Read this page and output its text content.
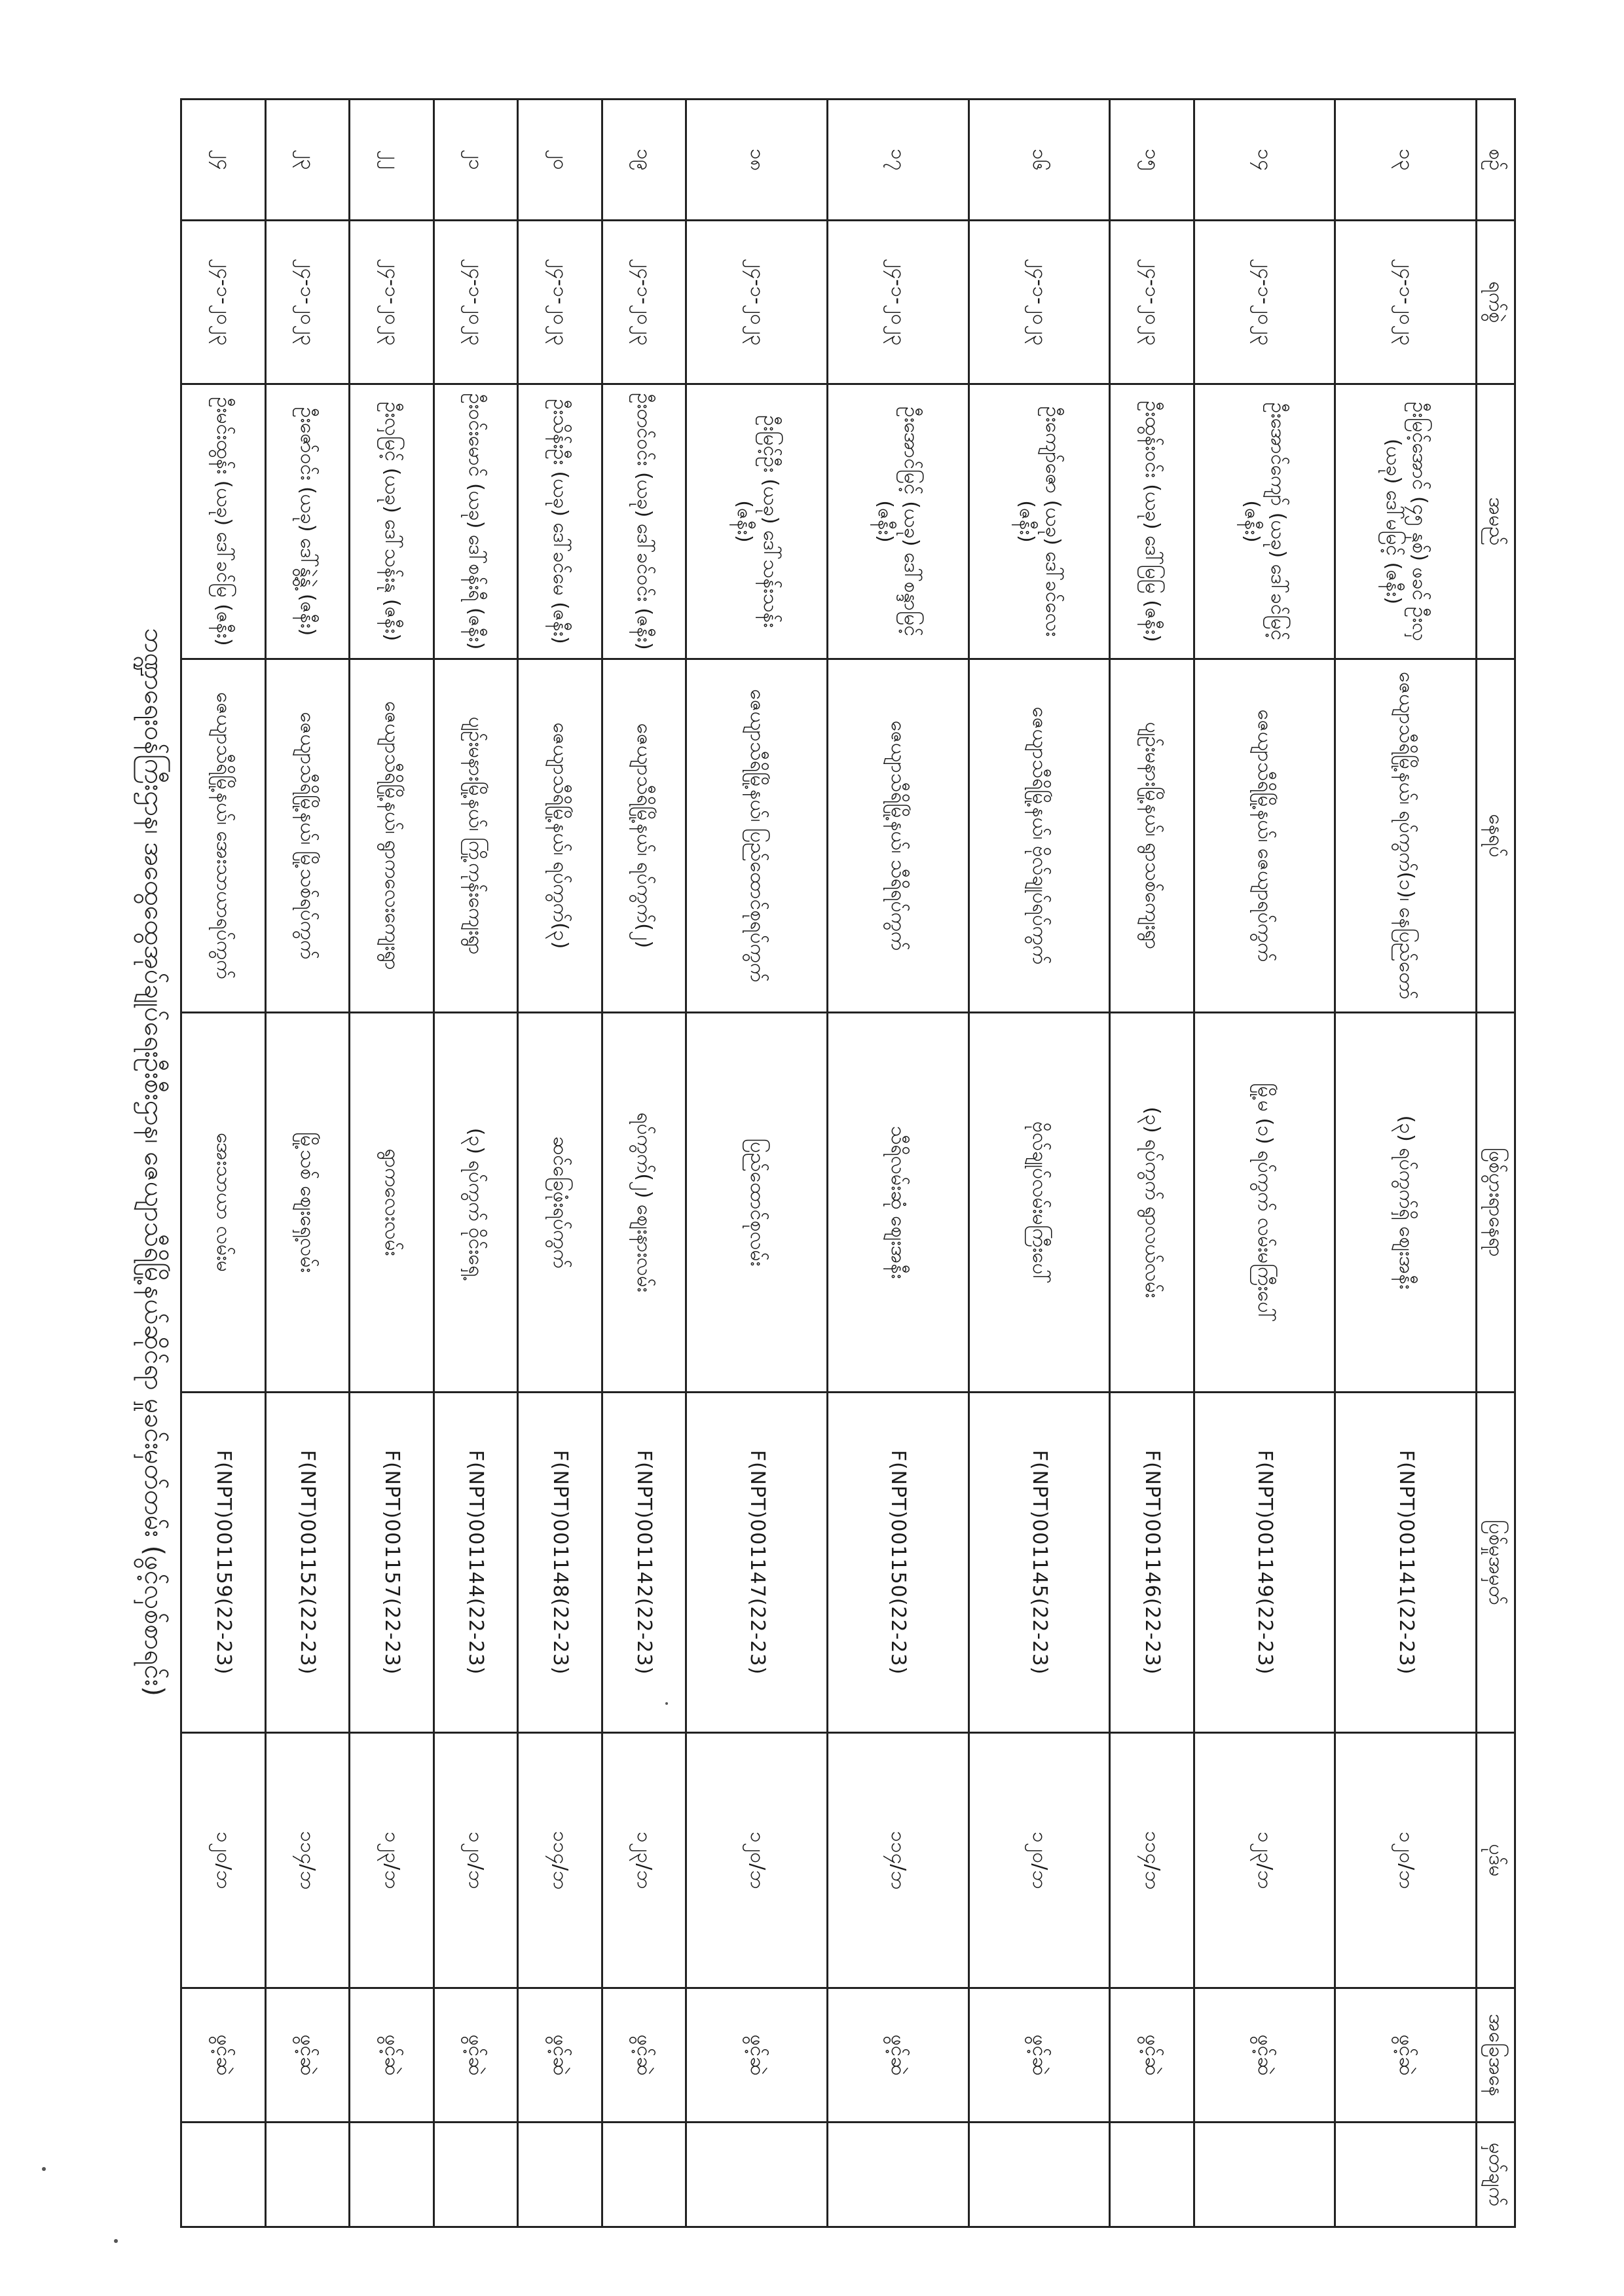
ဘဏ္ဍာရေးဝန်ကြီးဌာန၊ အထွေထွေအုပ်ချုပ်ရေးဦးစီးဌာန၊ ဇေယျာသီရိမြို့နယ်ဆိုင်ရာ မှုခင်းမှတ်တမ်း (ဖွင့်လှစ်စာရင်း)
စဉ်	ရက်စွဲ	အမည်	နေရပ်	ဖြစ်ပွားရာနေရာ	ပြစ်မှုအမှတ်	ပုဒ်မ	အခြေအနေ	မှတ်ချက်
၁၃	၂၄-၁-၂၀၂၃	ဦးမြင့်အောင် (၄၅ နှစ်) ဖခင် ဦးလှ (ယခု) ဒေါ်မမြင့် (ဇနီး)	ဇေယျာသီရိမြို့နယ်၊ ရပ်ကွက်(၁)၊ နေပြည်တော်	(၃) ရပ်ကွက်ရှိ စျေးအနီး	F(NPT)001141(22-23)	၁၂၀/ဘ	ဖွင့်ဆဲ	
၁၄	၂၄-၁-၂၀၂၃	ဦးအောင်ကျော် (ယခု) ဒေါ်ခင်မြင့် (ဇနီး)	ဇေယျာသီရိမြို့နယ်၊ ဇေယျာရပ်ကွက်	မြို့မ (၁) ရပ်ကွက် လမ်းမကြီးပေါ်	F(NPT)001149(22-23)	၁၂၃/ဘ	ဖွင့်ဆဲ	
၁၅	၂၄-၁-၂၀၂၃	ဦးထွန်းဝင်း (ယခု) ဒေါ်မြမြ (ဇနီး)	ပျဉ်းမနားမြို့နယ်၊ ရွာသစ်ကျေးရွာ	(၃) ရပ်ကွက် ရွာလယ်လမ်း	F(NPT)001146(22-23)	၁၁၄/ဘ	ဖွင့်ဆဲ	
၁၆	၂၄-၁-၂၀၂၃	ဦးကျော်ဇော (ယခု) ဒေါ်ခင်လေး (ဇနီး)	ဇေယျာသီရိမြို့နယ်၊ ဗိုလ်ချုပ်ရပ်ကွက်	ဗိုလ်ချုပ်လမ်းမကြီးပေါ်	F(NPT)001145(22-23)	၁၂၀/ဘ	ဖွင့်ဆဲ	
၁၇	၂၄-၁-၂၀၂၃	ဦးအောင်မြင့် (ယခု) ဒေါ်စန္ဒာမြင့် (ဇနီး)	ဇေယျာသီရိမြို့နယ်၊ သီရိရပ်ကွက်	သီရိလမ်းဆုံ စျေးအနီး	F(NPT)001150(22-23)	၁၁၄/ဘ	ဖွင့်ဆဲ	
၁၈	၂၄-၁-၂၀၂၃	ဦးမြင့်ဦး (ယခု) ဒေါ်သန်းသန်း (ဇနီး)	ဇေယျာသီရိမြို့နယ်၊ ပြည်ထောင်စုရပ်ကွက်	ပြည်ထောင်စုလမ်း	F(NPT)001147(22-23)	၁၂၀/ဘ	ဖွင့်ဆဲ	
၁၉	၂၄-၁-၂၀၂၃	ဦးတင်ဝင်း (ယခု) ဒေါ်ခင်ဝင်း (ဇနီး)	ဇေယျာသီရိမြို့နယ်၊ ရပ်ကွက်(၂)	ရပ်ကွက်(၂) စျေးနားလမ်း	F(NPT)001142(22-23)	၁၂၃/ဘ	ဖွင့်ဆဲ	
၂၀	၂၄-၁-၂၀၂၃	ဦးသိန်းဦး (ယခု) ဒေါ်ခင်မေ (ဇနီး)	ဇေယျာသီရိမြို့နယ်၊ ရပ်ကွက်(၃)	ဆင်ခြေဖုံးရပ်ကွက်	F(NPT)001148(22-23)	၁၁၄/ဘ	ဖွင့်ဆဲ	
၂၁	၂၄-၁-၂၀၂၃	ဦးဝင်းမောင် (ယခု) ဒေါ်စန်းရီ (ဇနီး)	ပျဉ်းမနားမြို့နယ်၊ ကြို့ကုန်းကျေးရွာ	(၃) ရပ်ကွက် ဝိုင်းရှေ့	F(NPT)001144(22-23)	၁၂၀/ဘ	ဖွင့်ဆဲ	
၂၂	၂၄-၁-၂၀၂၃	ဦးလှမြင့် (ယခု) ဒေါ်သန်းနု (ဇနီး)	ဇေယျာသီရိမြို့နယ်၊ ရွာကလေးကျေးရွာ	ရွာကလေးလမ်း	F(NPT)001157(22-23)	၁၂၃/ဘ	ဖွင့်ဆဲ	
၂၃	၂၄-၁-၂၀၂၃	ဦးဇော်ဝင်း (ယခု) ဒေါ်နွဲ့နွဲ့ (ဇနီး)	ဇေယျာသီရိမြို့နယ်၊ မြို့သစ်ရပ်ကွက်	မြို့သစ် စျေးရှေ့လမ်း	F(NPT)001152(22-23)	၁၁၄/ဘ	ဖွင့်ဆဲ	
၂၄	၂၄-၁-၂၀၂၃	ဦးမင်းထွန်း (ယခု) ဒေါ်ခင်မြ (ဇနီး)	ဇေယျာသီရိမြို့နယ်၊ အေးသာယာရပ်ကွက်	အေးသာယာ လမ်းမ	F(NPT)001159(22-23)	၁၂၀/ဘ	ဖွင့်ဆဲ	
